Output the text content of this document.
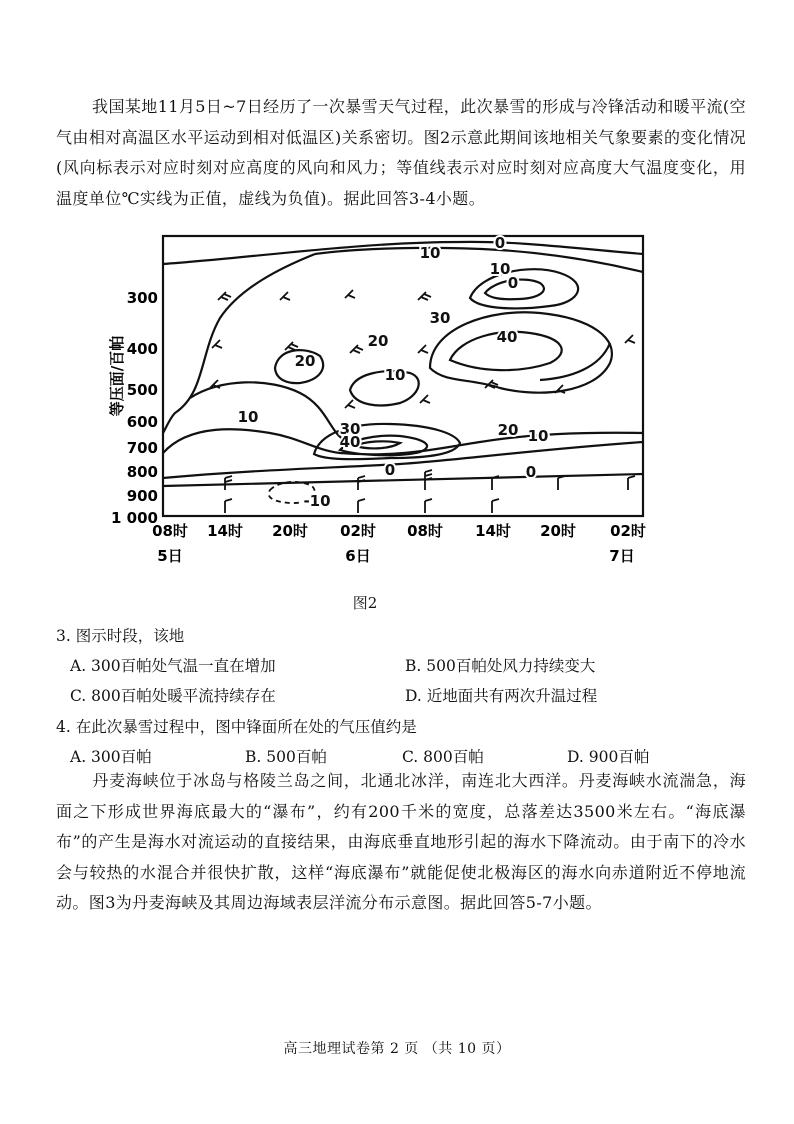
我国某地11月5日~7日经历了一次暴雪天气过程，此次暴雪的形成与冷锋活动和暖平流(空气由相对高温区水平运动到相对低温区)关系密切。图2示意此期间该地相关气象要素的变化情况(风向标表示对应时刻对应高度的风向和风力；等值线表示对应时刻对应高度大气温度变化，用温度单位℃实线为正值，虚线为负值)。据此回答3-4小题。

等压面/百帕
300
400
500
600
700
800
900
1 000
08时 14时 20时 02时 08时 14时 20时 02时
5日	6日	7日
0
10
10
0
30
40
20
20
10
10
30
40
20 10
0	0
-10
图2
3. 图示时段，该地
A. 300百帕处气温一直在增加	B. 500百帕处风力持续变大
C. 800百帕处暖平流持续存在	D. 近地面共有两次升温过程
4. 在此次暴雪过程中，图中锋面所在处的气压值约是
A. 300百帕	B. 500百帕	C. 800百帕	D. 900百帕

丹麦海峡位于冰岛与格陵兰岛之间，北通北冰洋，南连北大西洋。丹麦海峡水流湍急，海面之下形成世界海底最大的“瀑布”，约有200千米的宽度，总落差达3500米左右。“海底瀑布”的产生是海水对流运动的直接结果，由海底垂直地形引起的海水下降流动。由于南下的冷水会与较热的水混合并很快扩散，这样“海底瀑布”就能促使北极海区的海水向赤道附近不停地流动。图3为丹麦海峡及其周边海域表层洋流分布示意图。据此回答5-7小题。

高三地理试卷第 2 页 （共 10 页）
